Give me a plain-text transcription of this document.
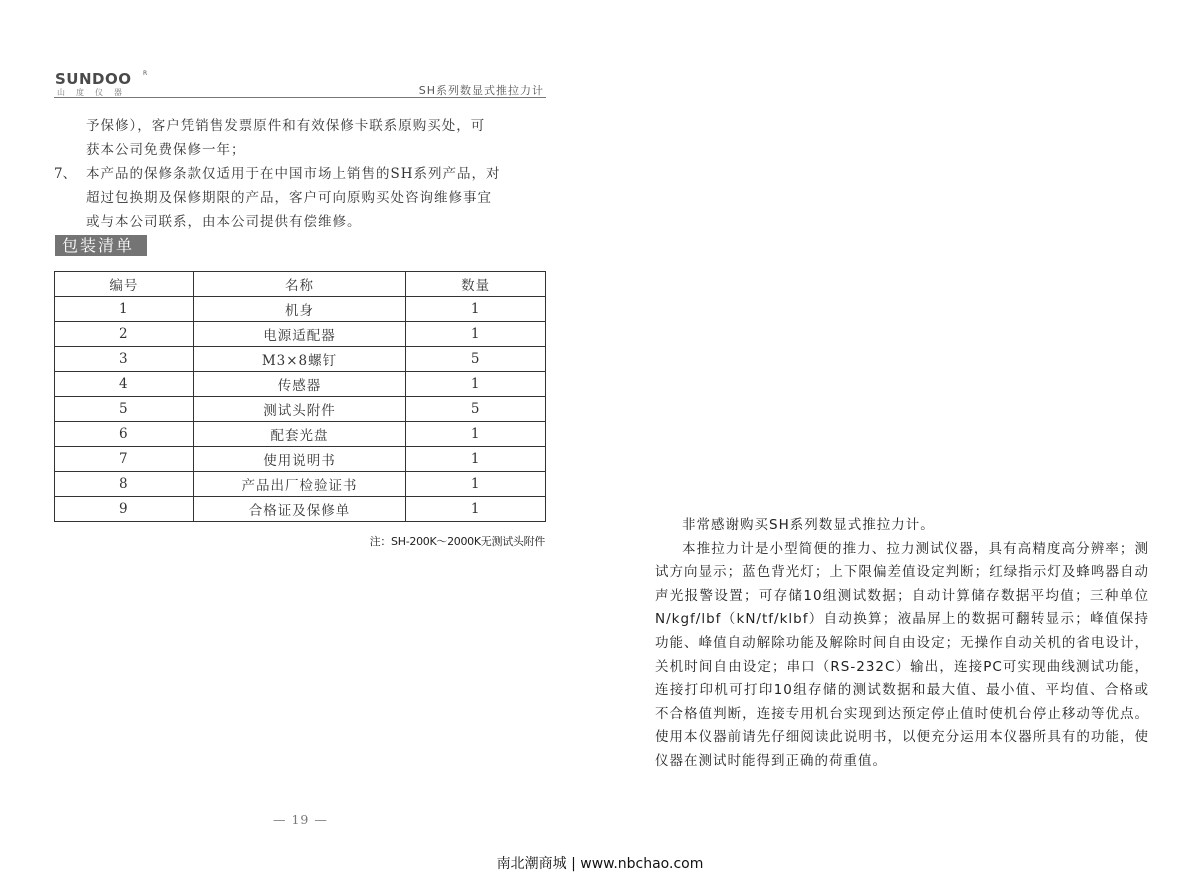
SUNDOO R
山度仪器	SH系列数显式推拉力计
予保修），客户凭销售发票原件和有效保修卡联系原购买处，可
获本公司免费保修一年；
7、 本产品的保修条款仅适用于在中国市场上销售的SH系列产品，对
超过包换期及保修期限的产品，客户可向原购买处咨询维修事宜
或与本公司联系，由本公司提供有偿维修。
包装清单
编号	名称	数量
1	机身	1
2	电源适配器	1
3	M3×8螺钉	5
4	传感器	1
5	测试头附件	5
6	配套光盘	1
7	使用说明书	1
8	产品出厂检验证书	1
9	合格证及保修单	1
注：SH-200K～2000K无测试头附件
— 19 —

非常感谢购买SH系列数显式推拉力计。

本推拉力计是小型简便的推力、拉力测试仪器，具有高精度高分辨率；测试方向显示；蓝色背光灯；上下限偏差值设定判断；红绿指示灯及蜂鸣器自动声光报警设置；可存储10组测试数据；自动计算储存数据平均值；三种单位N/kgf/lbf（kN/tf/klbf）自动换算；液晶屏上的数据可翻转显示；峰值保持功能、峰值自动解除功能及解除时间自由设定；无操作自动关机的省电设计，关机时间自由设定；串口（RS-232C）输出，连接PC可实现曲线测试功能，连接打印机可打印10组存储的测试数据和最大值、最小值、平均值、合格或不合格值判断，连接专用机台实现到达预定停止值时使机台停止移动等优点。使用本仪器前请先仔细阅读此说明书，以便充分运用本仪器所具有的功能，使仪器在测试时能得到正确的荷重值。

南北潮商城 | www.nbchao.com
